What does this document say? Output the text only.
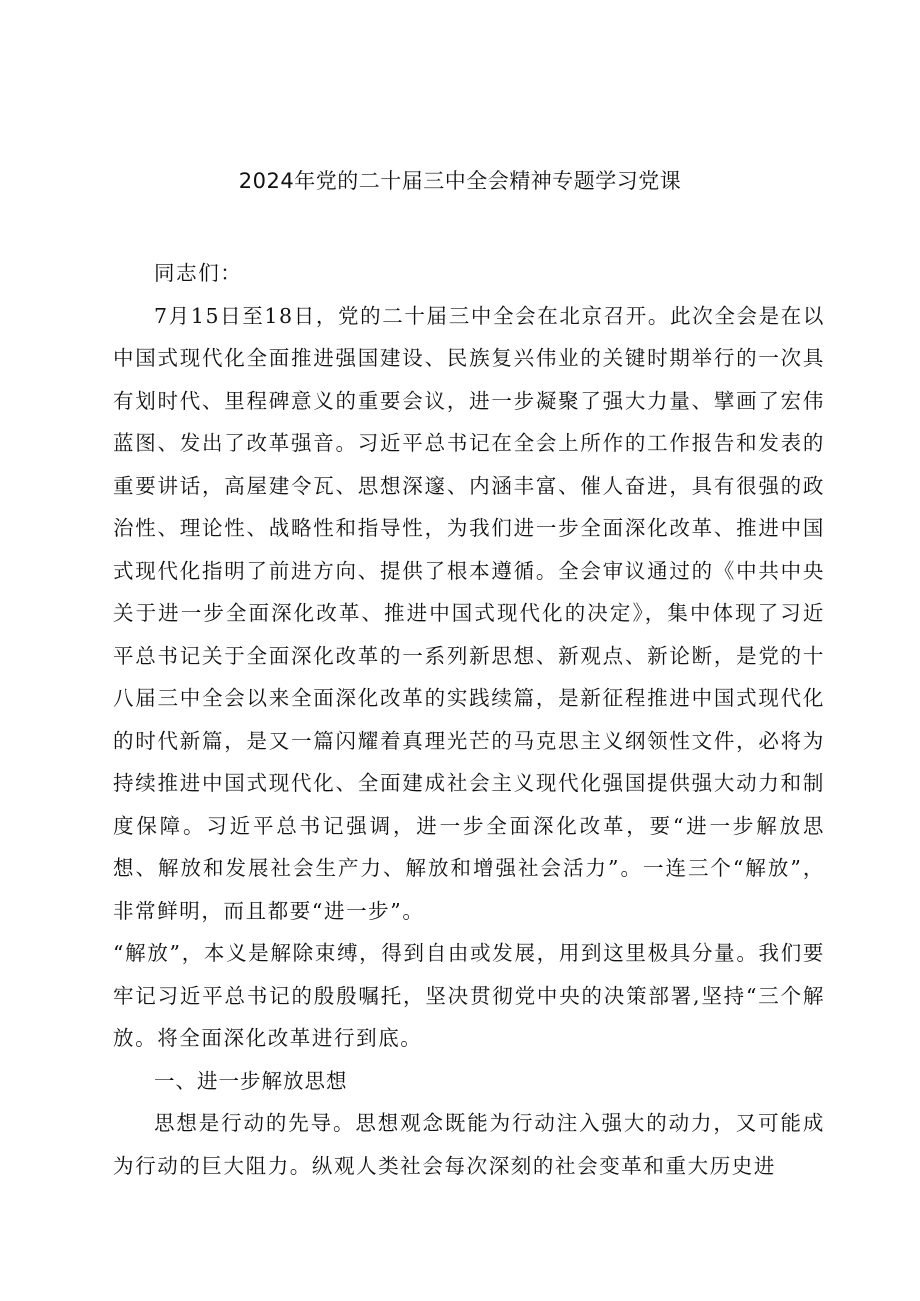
2024年党的二十届三中全会精神专题学习党课

同志们：

7月15日至18日，党的二十届三中全会在北京召开。此次全会是在以中国式现代化全面推进强国建设、民族复兴伟业的关键时期举行的一次具有划时代、里程碑意义的重要会议，进一步凝聚了强大力量、擘画了宏伟蓝图、发出了改革强音。习近平总书记在全会上所作的工作报告和发表的重要讲话，高屋建令瓦、思想深邃、内涵丰富、催人奋进，具有很强的政治性、理论性、战略性和指导性，为我们进一步全面深化改革、推进中国式现代化指明了前进方向、提供了根本遵循。全会审议通过的《中共中央关于进一步全面深化改革、推进中国式现代化的决定》，集中体现了习近平总书记关于全面深化改革的一系列新思想、新观点、新论断，是党的十八届三中全会以来全面深化改革的实践续篇，是新征程推进中国式现代化的时代新篇，是又一篇闪耀着真理光芒的马克思主义纲领性文件，必将为持续推进中国式现代化、全面建成社会主义现代化强国提供强大动力和制度保障。习近平总书记强调，进一步全面深化改革，要“进一步解放思想、解放和发展社会生产力、解放和增强社会活力”。一连三个“解放”，非常鲜明，而且都要“进一步”。

“解放”，本义是解除束缚，得到自由或发展，用到这里极具分量。我们要牢记习近平总书记的殷殷嘱托，坚决贯彻党中央的决策部署,坚持“三个解放。将全面深化改革进行到底。

一、进一步解放思想

思想是行动的先导。思想观念既能为行动注入强大的动力，又可能成为行动的巨大阻力。纵观人类社会每次深刻的社会变革和重大历史进
